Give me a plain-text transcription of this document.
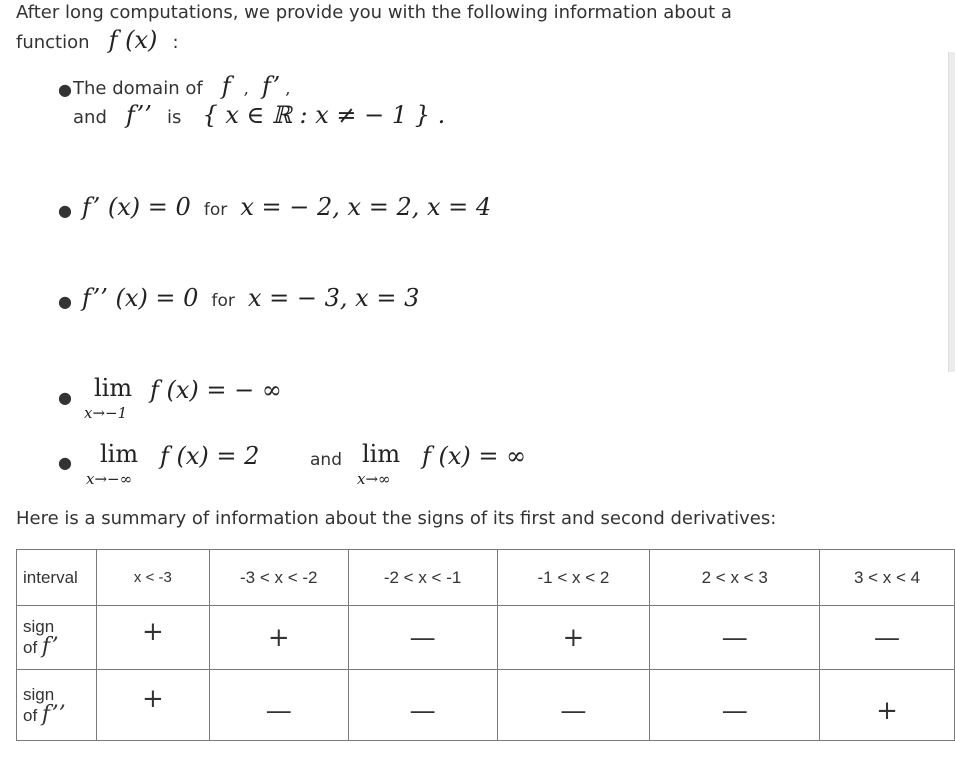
After long computations, we provide you with the following information about a
function f (x) :
● The domain of f , f’ ,
and f’’ is { x ∈ ℝ : x ≠ − 1 } .
● f’ (x) = 0 for x = − 2, x = 2, x = 4
● f’’ (x) = 0 for x = − 3, x = 3
● lim
x→−1
f (x) = − ∞
● lim
x→−∞
f (x) = 2	and lim
x→∞
f (x) = ∞
Here is a summary of information about the signs of its first and second derivatives:
interval	x < -3	-3 < x < -2	-2 < x < -1	-1 < x < 2	2 < x < 3	3 < x < 4
sign
of f’	+	+	—	+	—	—
sign
of f’’	+	—	—	—	—	+
